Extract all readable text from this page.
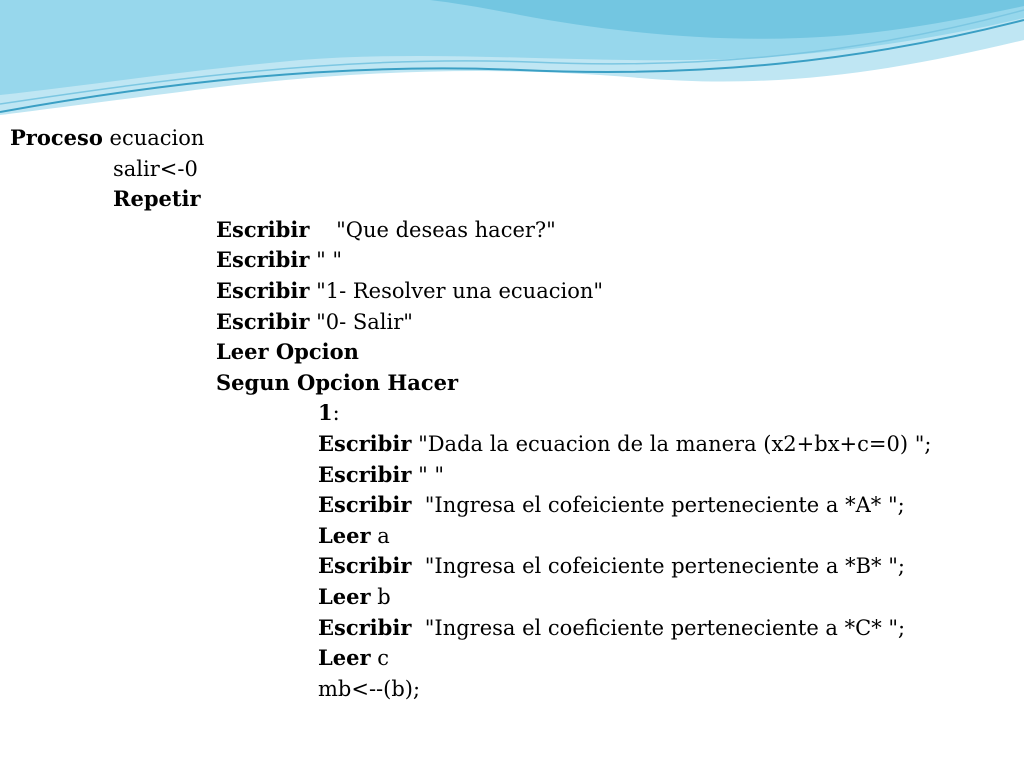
Proceso ecuacion
salir<-0
Repetir
Escribir    "Que deseas hacer?"
Escribir " "
Escribir "1- Resolver una ecuacion"
Escribir "0- Salir"
Leer Opcion
Segun Opcion Hacer
1:
Escribir "Dada la ecuacion de la manera (x2+bx+c=0) ";
Escribir " "
Escribir  "Ingresa el cofeiciente perteneciente a *A* ";
Leer a
Escribir  "Ingresa el cofeiciente perteneciente a *B* ";
Leer b
Escribir  "Ingresa el coeficiente perteneciente a *C* ";
Leer c
mb<--(b);
